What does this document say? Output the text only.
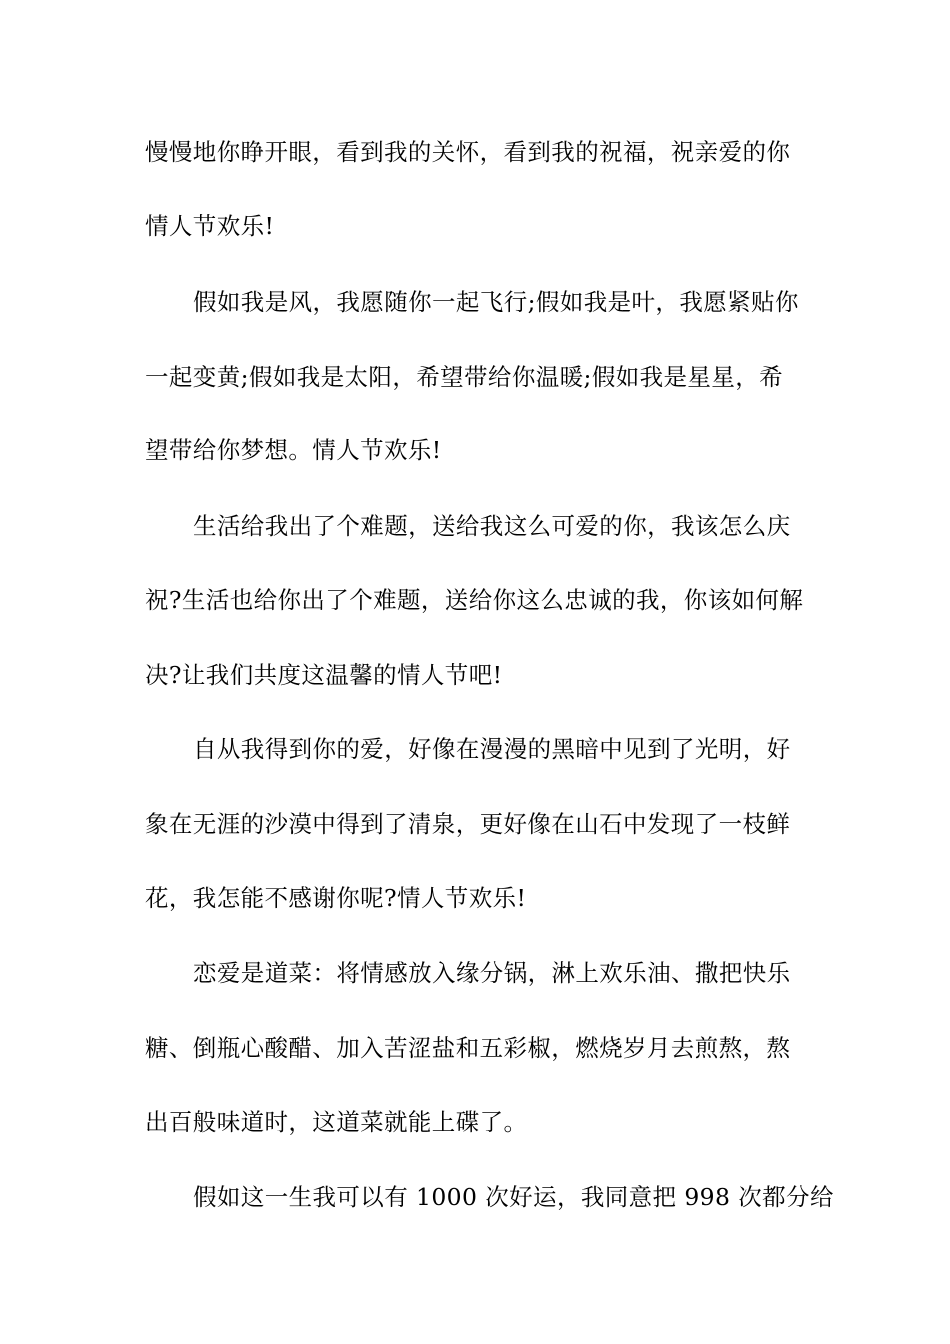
慢慢地你睁开眼，看到我的关怀，看到我的祝福，祝亲爱的你
情人节欢乐!
假如我是风，我愿随你一起飞行;假如我是叶，我愿紧贴你
一起变黄;假如我是太阳，希望带给你温暖;假如我是星星，希
望带给你梦想。情人节欢乐!
生活给我出了个难题，送给我这么可爱的你，我该怎么庆
祝?生活也给你出了个难题，送给你这么忠诚的我，你该如何解
决?让我们共度这温馨的情人节吧!
自从我得到你的爱，好像在漫漫的黑暗中见到了光明，好
象在无涯的沙漠中得到了清泉，更好像在山石中发现了一枝鲜
花，我怎能不感谢你呢?情人节欢乐!
恋爱是道菜：将情感放入缘分锅，淋上欢乐油、撒把快乐
糖、倒瓶心酸醋、加入苦涩盐和五彩椒，燃烧岁月去煎熬，熬
出百般味道时，这道菜就能上碟了。
假如这一生我可以有 1000 次好运，我同意把 998 次都分给
